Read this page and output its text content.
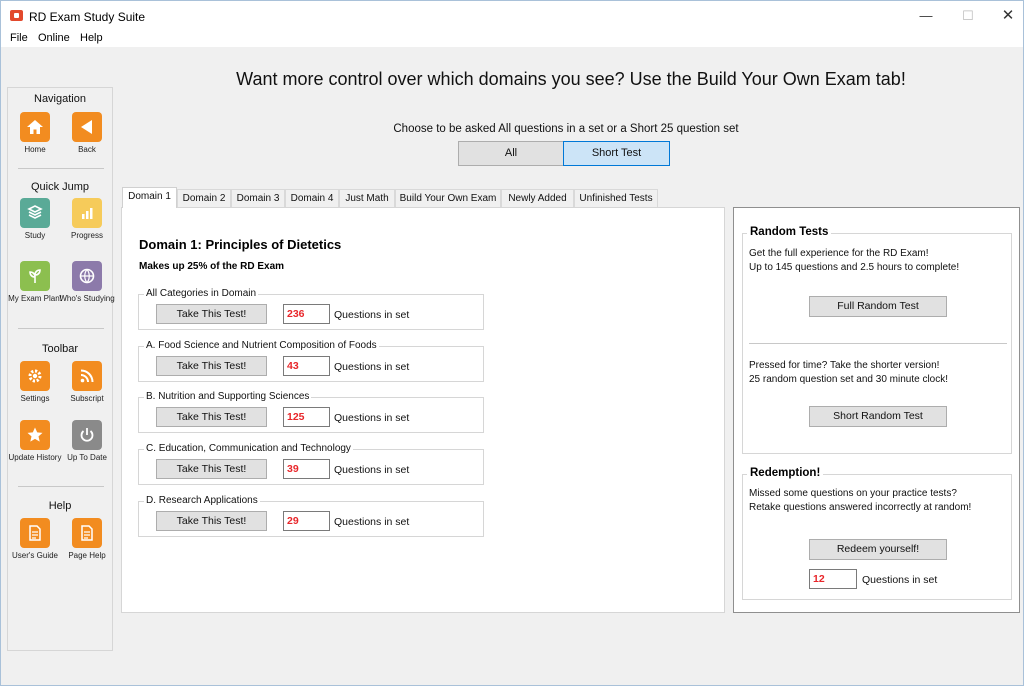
RD Exam Study Suite	—	☐	✕
File Online Help
Navigation
Home	Back
Quick Jump
Study	Progress
My Exam Plan!
Who's Studying
Toolbar
Settings	Subscript
Update History Up To Date
Help
User's Guide	Page Help
Want more control over which domains you see? Use the Build Your Own Exam tab!
Choose to be asked All questions in a set or a Short 25 question set
All	Short Test
Domain 1	Domain 2	Domain 3	Domain 4	Just Math	Build Your Own Exam	Newly Added	Unfinished Tests
Domain 1: Principles of Dietetics
Makes up 25% of the RD Exam
All Categories in Domain
Take This Test!	236	Questions in set
A. Food Science and Nutrient Composition of Foods
Take This Test!	43	Questions in set
B. Nutrition and Supporting Sciences
Take This Test!	125	Questions in set
C. Education, Communication and Technology
Take This Test!	39	Questions in set
D. Research Applications
Take This Test!	29	Questions in set
Random Tests
Get the full experience for the RD Exam!
Up to 145 questions and 2.5 hours to complete!
Full Random Test
Pressed for time? Take the shorter version!
25 random question set and 30 minute clock!
Short Random Test
Redemption!
Missed some questions on your practice tests?
Retake questions answered incorrectly at random!
Redeem yourself!
12	Questions in set
